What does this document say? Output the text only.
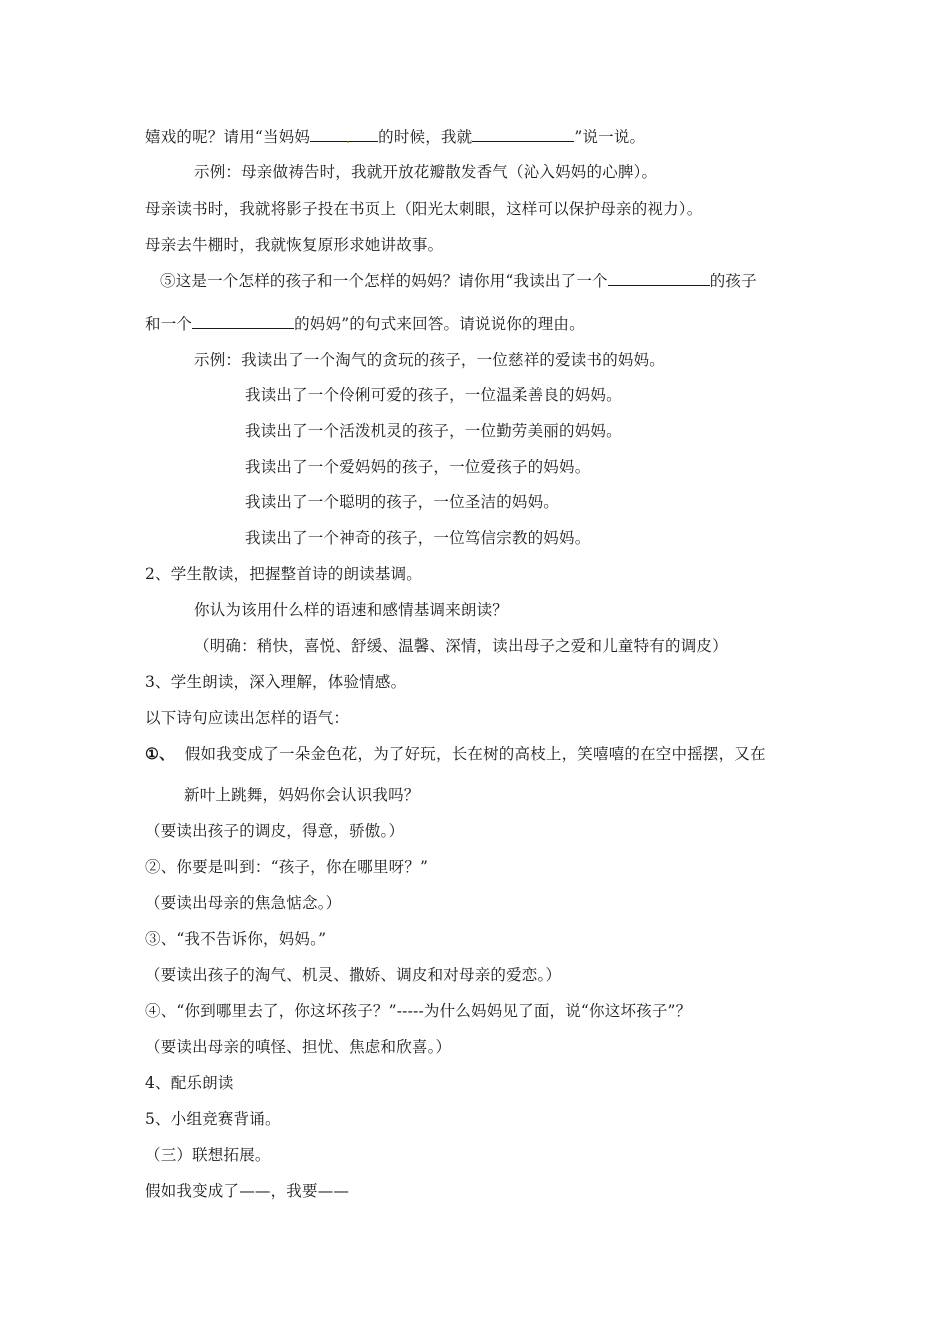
嬉戏的呢？请用“当妈妈	. 的时候，我就	”说一说。
示例：母亲做祷告时，我就开放花瓣散发香气（沁入妈妈的心脾）。
母亲读书时，我就将影子投在书页上（阳光太刺眼，这样可以保护母亲的视力）。
母亲去牛棚时，我就恢复原形求她讲故事。
⑤这是一个怎样的孩子和一个怎样的妈妈？请你用“我读出了一个	的孩子
和一个	的妈妈”的句式来回答。请说说你的理由。
示例：我读出了一个淘气的贪玩的孩子，一位慈祥的爱读书的妈妈。
我读出了一个伶俐可爱的孩子，一位温柔善良的妈妈。
我读出了一个活泼机灵的孩子，一位勤劳美丽的妈妈。
我读出了一个爱妈妈的孩子，一位爱孩子的妈妈。
我读出了一个聪明的孩子，一位圣洁的妈妈。
我读出了一个神奇的孩子，一位笃信宗教的妈妈。
2、学生散读，把握整首诗的朗读基调。
你认为该用什么样的语速和感情基调来朗读？
（明确：稍快，喜悦、舒缓、温馨、深情，读出母子之爱和儿童特有的调皮）
3、学生朗读，深入理解，体验情感。
以下诗句应读出怎样的语气：
①、 假如我变成了一朵金色花，为了好玩，长在树的高枝上，笑嘻嘻的在空中摇摆，又在
新叶上跳舞，妈妈你会认识我吗？
（要读出孩子的调皮，得意，骄傲。）
②、你要是叫到：“孩子，你在哪里呀？”
（要读出母亲的焦急惦念。）
③、“我不告诉你，妈妈。”
（要读出孩子的淘气、机灵、撒娇、调皮和对母亲的爱恋。）
④、“你到哪里去了，你这坏孩子？”-----为什么妈妈见了面，说“你这坏孩子”？
（要读出母亲的嗔怪、担忧、焦虑和欣喜。）
4、配乐朗读
5、小组竞赛背诵。
（三）联想拓展。
假如我变成了——，我要——
